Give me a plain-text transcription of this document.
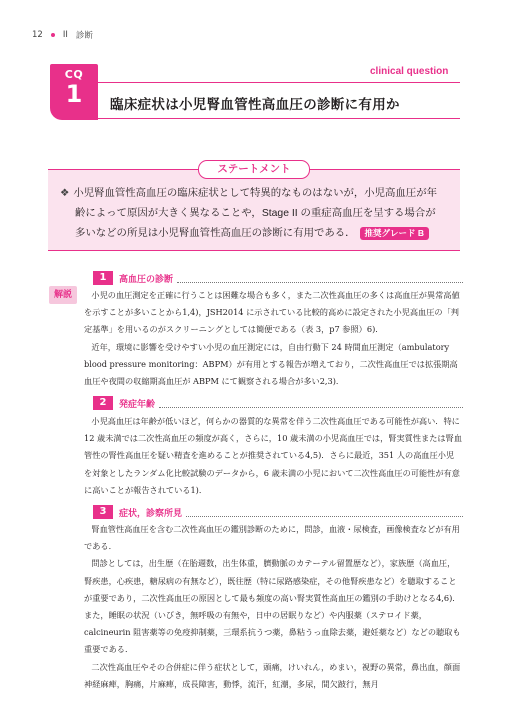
12 II 診断
CQ
1
clinical question
臨床症状は小児腎血管性高血圧の診断に有用か
ステートメント
❖ 小児腎血管性高血圧の臨床症状として特異的なものはないが，小児高血圧が年
齢によって原因が大きく異なることや，Stage II の重症高血圧を呈する場合が
多いなどの所見は小児腎血管性高血圧の診断に有用である． 推奨グレード B
解説
1	高血圧の診断

小児の血圧測定を正確に行うことは困難な場合も多く，また二次性高血圧の多くは高血圧が異常高値を示すことが多いことから1,4)，JSH2014 に示されている比較的高めに設定された小児高血圧の「判定基準」を用いるのがスクリーニングとしては簡便である（表 3，p7 参照）6)．

近年，環境に影響を受けやすい小児の血圧測定には，自由行動下 24 時間血圧測定（ambulatory blood pressure monitoring：ABPM）が有用とする報告が増えており，二次性高血圧では拡張期高血圧や夜間の収縮期高血圧が ABPM にて観察される場合が多い2,3)．

2	発症年齢

小児高血圧は年齢が低いほど，何らかの器質的な異常を伴う二次性高血圧である可能性が高い．特に 12 歳未満では二次性高血圧の頻度が高く，さらに，10 歳未満の小児高血圧では，腎実質性または腎血管性の腎性高血圧を疑い精査を進めることが推奨されている4,5)．さらに最近，351 人の高血圧小児を対象としたランダム化比較試験のデータから，6 歳未満の小児において二次性高血圧の可能性が有意に高いことが報告されている1)．

3	症状，診察所見

腎血管性高血圧を含む二次性高血圧の鑑別診断のために，問診，血液・尿検査，画像検査などが有用である．

問診としては，出生歴（在胎週数，出生体重，臍動脈のカテーテル留置歴など），家族歴（高血圧，腎疾患，心疾患，糖尿病の有無など），既往歴（特に尿路感染症，その他腎疾患など）を聴取することが重要であり，二次性高血圧の原因として最も頻度の高い腎実質性高血圧の鑑別の手助けとなる4,6)．また，睡眠の状況（いびき，無呼吸の有無や，日中の居眠りなど）や内服薬（ステロイド薬，calcineurin 阻害薬等の免疫抑制薬，三環系抗うつ薬，鼻粘うっ血除去薬，避妊薬など）などの聴取も重要である．

二次性高血圧やその合併症に伴う症状として，頭痛，けいれん，めまい，視野の異常，鼻出血，顔面神経麻痺，胸痛，片麻痺，成長障害，動悸，流汗，紅潮，多尿，間欠跛行，無月
